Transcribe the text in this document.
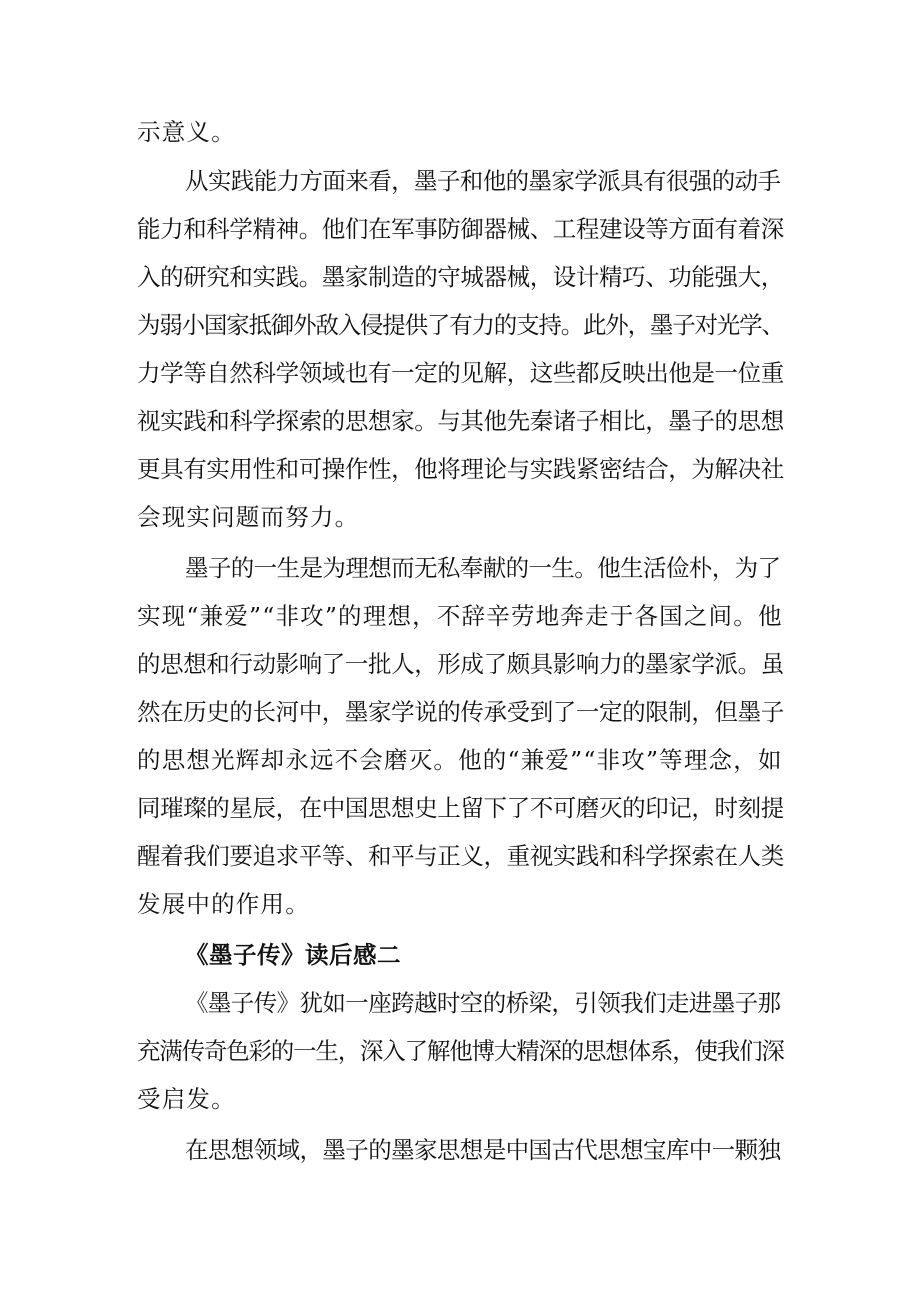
示意义。

从实践能力方面来看，墨子和他的墨家学派具有很强的动手

能力和科学精神。他们在军事防御器械、工程建设等方面有着深

入的研究和实践。墨家制造的守城器械，设计精巧、功能强大，

为弱小国家抵御外敌入侵提供了有力的支持。此外，墨子对光学、

力学等自然科学领域也有一定的见解，这些都反映出他是一位重

视实践和科学探索的思想家。与其他先秦诸子相比，墨子的思想

更具有实用性和可操作性，他将理论与实践紧密结合，为解决社

会现实问题而努力。

墨子的一生是为理想而无私奉献的一生。他生活俭朴，为了

实现“兼爱”“非攻”的理想，不辞辛劳地奔走于各国之间。他

的思想和行动影响了一批人，形成了颇具影响力的墨家学派。虽

然在历史的长河中，墨家学说的传承受到了一定的限制，但墨子

的思想光辉却永远不会磨灭。他的“兼爱”“非攻”等理念，如

同璀璨的星辰，在中国思想史上留下了不可磨灭的印记，时刻提

醒着我们要追求平等、和平与正义，重视实践和科学探索在人类

发展中的作用。

《墨子传》读后感二

《墨子传》犹如一座跨越时空的桥梁，引领我们走进墨子那

充满传奇色彩的一生，深入了解他博大精深的思想体系，使我们深

受启发。

在思想领域，墨子的墨家思想是中国古代思想宝库中一颗独
